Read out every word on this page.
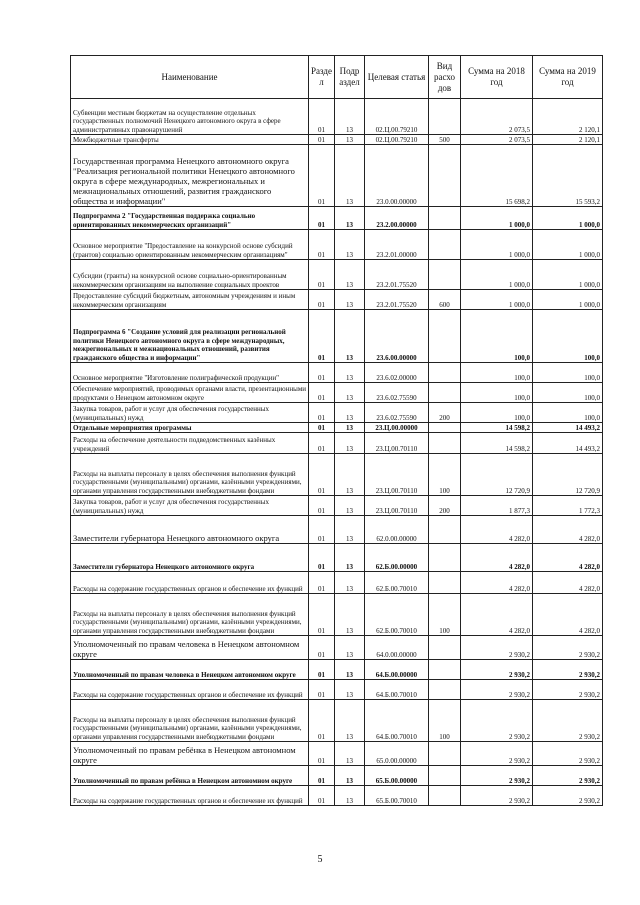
Наименование	Разде л	Подр аздел	Целевая статья	Вид расхо дов	Сумма на 2018 год	Сумма на 2019 год
Субвенции местным бюджетам на осуществление отдельных государственных полномочий Ненецкого автономного округа в сфере административных правонарушений	01	13	02.Ц.00.79210		2 073,5	2 120,1
Межбюджетные трансферты	01	13	02.Ц.00.79210	500	2 073,5	2 120,1
Государственная программа Ненецкого автономного округа "Реализация региональной политики Ненецкого автономного округа в сфере международных, межрегиональных и межнациональных отношений, развития гражданского общества и информации"	01	13	23.0.00.00000		15 698,2	15 593,2
Подпрограмма 2 "Государственная поддержка социально ориентированных некоммерческих организаций"	01	13	23.2.00.00000		1 000,0	1 000,0
Основное мероприятие "Предоставление на конкурсной основе субсидий (грантов) социально ориентированным некоммерческим организациям"	01	13	23.2.01.00000		1 000,0	1 000,0
Субсидии (гранты) на конкурсной основе социально-ориентированным некоммерческим организациям на выполнение социальных проектов	01	13	23.2.01.75520		1 000,0	1 000,0
Предоставление субсидий бюджетным, автономным учреждениям и иным некоммерческим организациям	01	13	23.2.01.75520	600	1 000,0	1 000,0
Подпрограмма 6 "Создание условий для реализации региональной политики Ненецкого автономного округа в сфере международных, межрегиональных и межнациональных отношений, развития гражданского общества и информации"	01	13	23.6.00.00000		100,0	100,0
Основное мероприятие "Изготовление полиграфической продукции"	01	13	23.6.02.00000		100,0	100,0
Обеспечение мероприятий, проводимых органами власти, презентационными продуктами о Ненецком автономном округе	01	13	23.6.02.75590		100,0	100,0
Закупка товаров, работ и услуг для обеспечения государственных (муниципальных) нужд	01	13	23.6.02.75590	200	100,0	100,0
Отдельные мероприятия программы	01	13	23.Ц.00.00000		14 598,2	14 493,2
Расходы на обеспечение деятельности подведомственных казённых учреждений	01	13	23.Ц.00.70110		14 598,2	14 493,2
Расходы на выплаты персоналу в целях обеспечения выполнения функций государственными (муниципальными) органами, казёнными учреждениями, органами управления государственными внебюджетными фондами	01	13	23.Ц.00.70110	100	12 720,9	12 720,9
Закупка товаров, работ и услуг для обеспечения государственных (муниципальных) нужд	01	13	23.Ц.00.70110	200	1 877,3	1 772,3
Заместители губернатора Ненецкого автономного округа	01	13	62.0.00.00000		4 282,0	4 282,0
Заместители губернатора Ненецкого автономного округа	01	13	62.Б.00.00000		4 282,0	4 282,0
Расходы на содержание государственных органов и обеспечение их функций	01	13	62.Б.00.70010		4 282,0	4 282,0
Расходы на выплаты персоналу в целях обеспечения выполнения функций государственными (муниципальными) органами, казёнными учреждениями, органами управления государственными внебюджетными фондами	01	13	62.Б.00.70010	100	4 282,0	4 282,0
Уполномоченный по правам человека в Ненецком автономном округе	01	13	64.0.00.00000		2 930,2	2 930,2
Уполномоченный по правам человека в Ненецком автономном округе	01	13	64.Б.00.00000		2 930,2	2 930,2
Расходы на содержание государственных органов и обеспечение их функций	01	13	64.Б.00.70010		2 930,2	2 930,2
Расходы на выплаты персоналу в целях обеспечения выполнения функций государственными (муниципальными) органами, казёнными учреждениями, органами управления государственными внебюджетными фондами	01	13	64.Б.00.70010	100	2 930,2	2 930,2
Уполномоченный по правам ребёнка в Ненецком автономном округе	01	13	65.0.00.00000		2 930,2	2 930,2
Уполномоченный по правам ребёнка в Ненецком автономном округе	01	13	65.Б.00.00000		2 930,2	2 930,2
Расходы на содержание государственных органов и обеспечение их функций	01	13	65.Б.00.70010		2 930,2	2 930,2
5
